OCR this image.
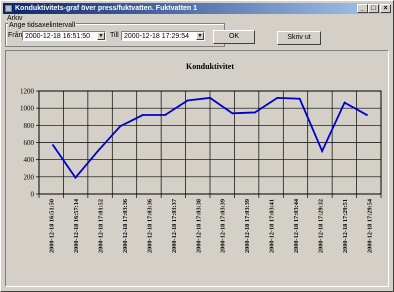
Konduktivitets-graf över press/fuktvatten. Fuktvatten 1	_ □	×
Arkiv
Ange tidsaxelintervall
Från 2000-12-18 16:51:50	▼ Till 2000-12-18 17:29:54	▼	OK	Skriv ut
Konduktivitet
0
200
400
600
800
1000
1200
2000-12-18 16:51:50	2000-12-18 16:57:14	2000-12-18 17:01:52	2000-12-18 17:03:36	2000-12-18 17:03:36	2000-12-18 17:03:37	2000-12-18 17:03:38	2000-12-18 17:03:39	2000-12-18 17:03:39	2000-12-18 17:03:41	2000-12-18 17:03:44	2000-12-18 17:29:32	2000-12-18 17:29:51	2000-12-18 17:29:54
